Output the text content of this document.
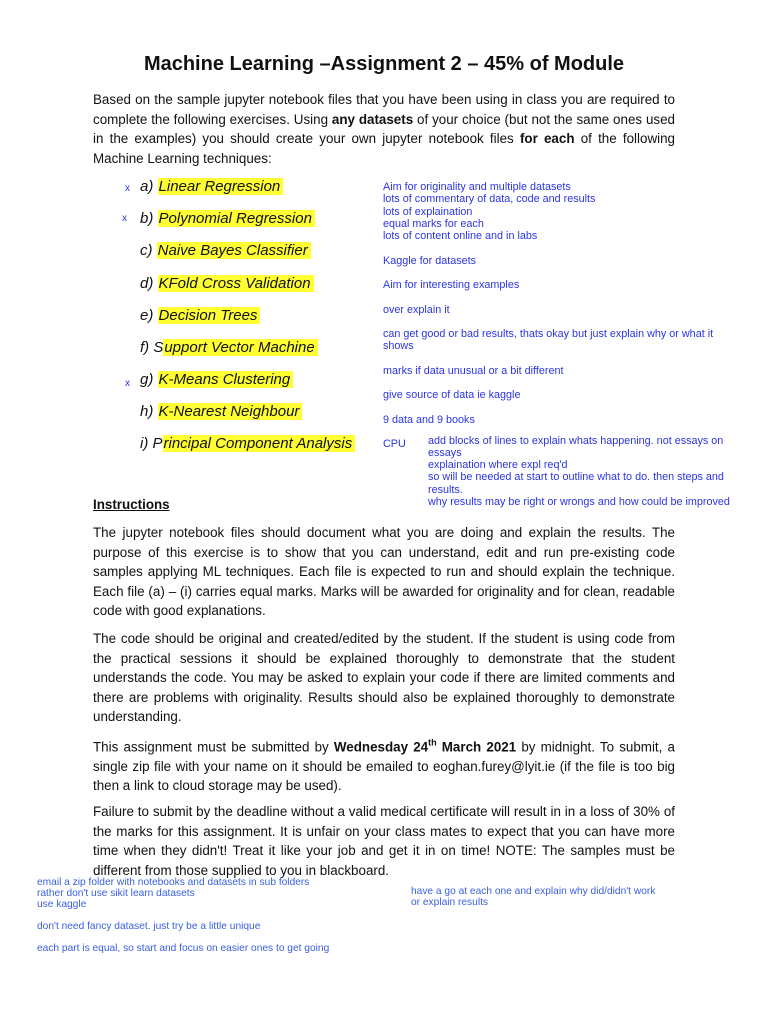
Machine Learning –Assignment 2 – 45% of Module
Based on the sample jupyter notebook files that you have been using in class you are required to complete the following exercises. Using any datasets of your choice (but not the same ones used in the examples) you should create your own jupyter notebook files for each of the following Machine Learning techniques:
x a) Linear Regression
x b) Polynomial Regression
c) Naive Bayes Classifier
d) KFold Cross Validation
e) Decision Trees
f) Support Vector Machine
x g) K-Means Clustering
h) K-Nearest Neighbour
i) Principal Component Analysis
Aim for originality and multiple datasets
lots of commentary of data, code and results
lots of explaination
equal marks for each
lots of content online and in labs
Kaggle for datasets
Aim for interesting examples
over explain it
can get good or bad results, thats okay but just explain why or what it
shows
marks if data unusual or a bit different
give source of data ie kaggle
9 data and 9 books
CPU add blocks of lines to explain whats happening. not essays on
essays
explaination where expl req'd
so will be needed at start to outline what to do. then steps and
results.
why results may be right or wrongs and how could be improved
Instructions
The jupyter notebook files should document what you are doing and explain the results. The purpose of this exercise is to show that you can understand, edit and run pre-existing code samples applying ML techniques. Each file is expected to run and should explain the technique. Each file (a) – (i) carries equal marks. Marks will be awarded for originality and for clean, readable code with good explanations.
The code should be original and created/edited by the student. If the student is using code from the practical sessions it should be explained thoroughly to demonstrate that the student understands the code. You may be asked to explain your code if there are limited comments and there are problems with originality. Results should also be explained thoroughly to demonstrate understanding.
This assignment must be submitted by Wednesday 24th March 2021 by midnight. To submit, a single zip file with your name on it should be emailed to eoghan.furey@lyit.ie (if the file is too big then a link to cloud storage may be used).
Failure to submit by the deadline without a valid medical certificate will result in in a loss of 30% of the marks for this assignment. It is unfair on your class mates to expect that you can have more time when they didn't! Treat it like your job and get it in on time! NOTE: The samples must be different from those supplied to you in blackboard.
email a zip folder with notebooks and datasets in sub folders
rather don't use sikit learn datasets
use kaggle
don't need fancy dataset. just try be a little unique
each part is equal, so start and focus on easier ones to get going
have a go at each one and explain why did/didn't work
or explain results
